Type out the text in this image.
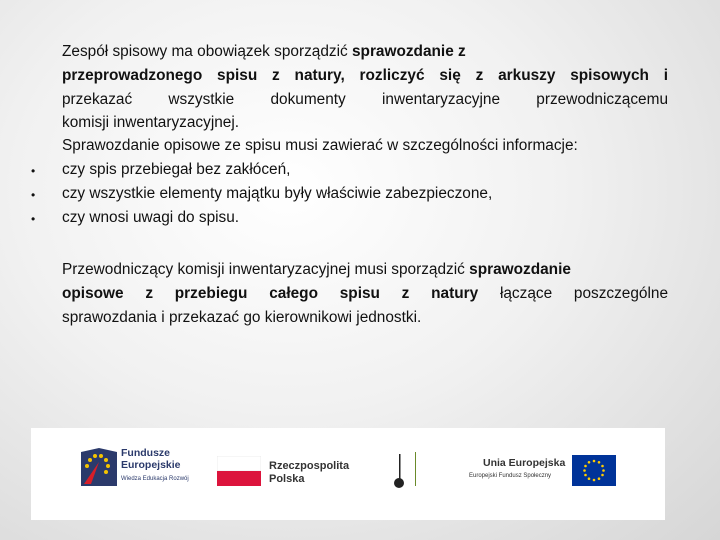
Zespół spisowy ma obowiązek sporządzić sprawozdanie z
przeprowadzonego spisu z natury, rozliczyć się z arkuszy spisowych i
przekazać wszystkie dokumenty inwentaryzacyjne przewodniczącemu
komisji inwentaryzacyjnej.
Sprawozdanie opisowe ze spisu musi zawierać w szczególności informacje:
• czy spis przebiegał bez zakłóceń,
• czy wszystkie elementy majątku były właściwie zabezpieczone,
• czy wnosi uwagi do spisu.
Przewodniczący komisji inwentaryzacyjnej musi sporządzić sprawozdanie
opisowe z przebiegu całego spisu z natury łączące poszczególne
sprawozdania i przekazać go kierownikowi jednostki.
Fundusze
Europejskie
Wiedza Edukacja Rozwój
Rzeczpospolita
Polska
Unia Europejska
Europejski Fundusz Społeczny
